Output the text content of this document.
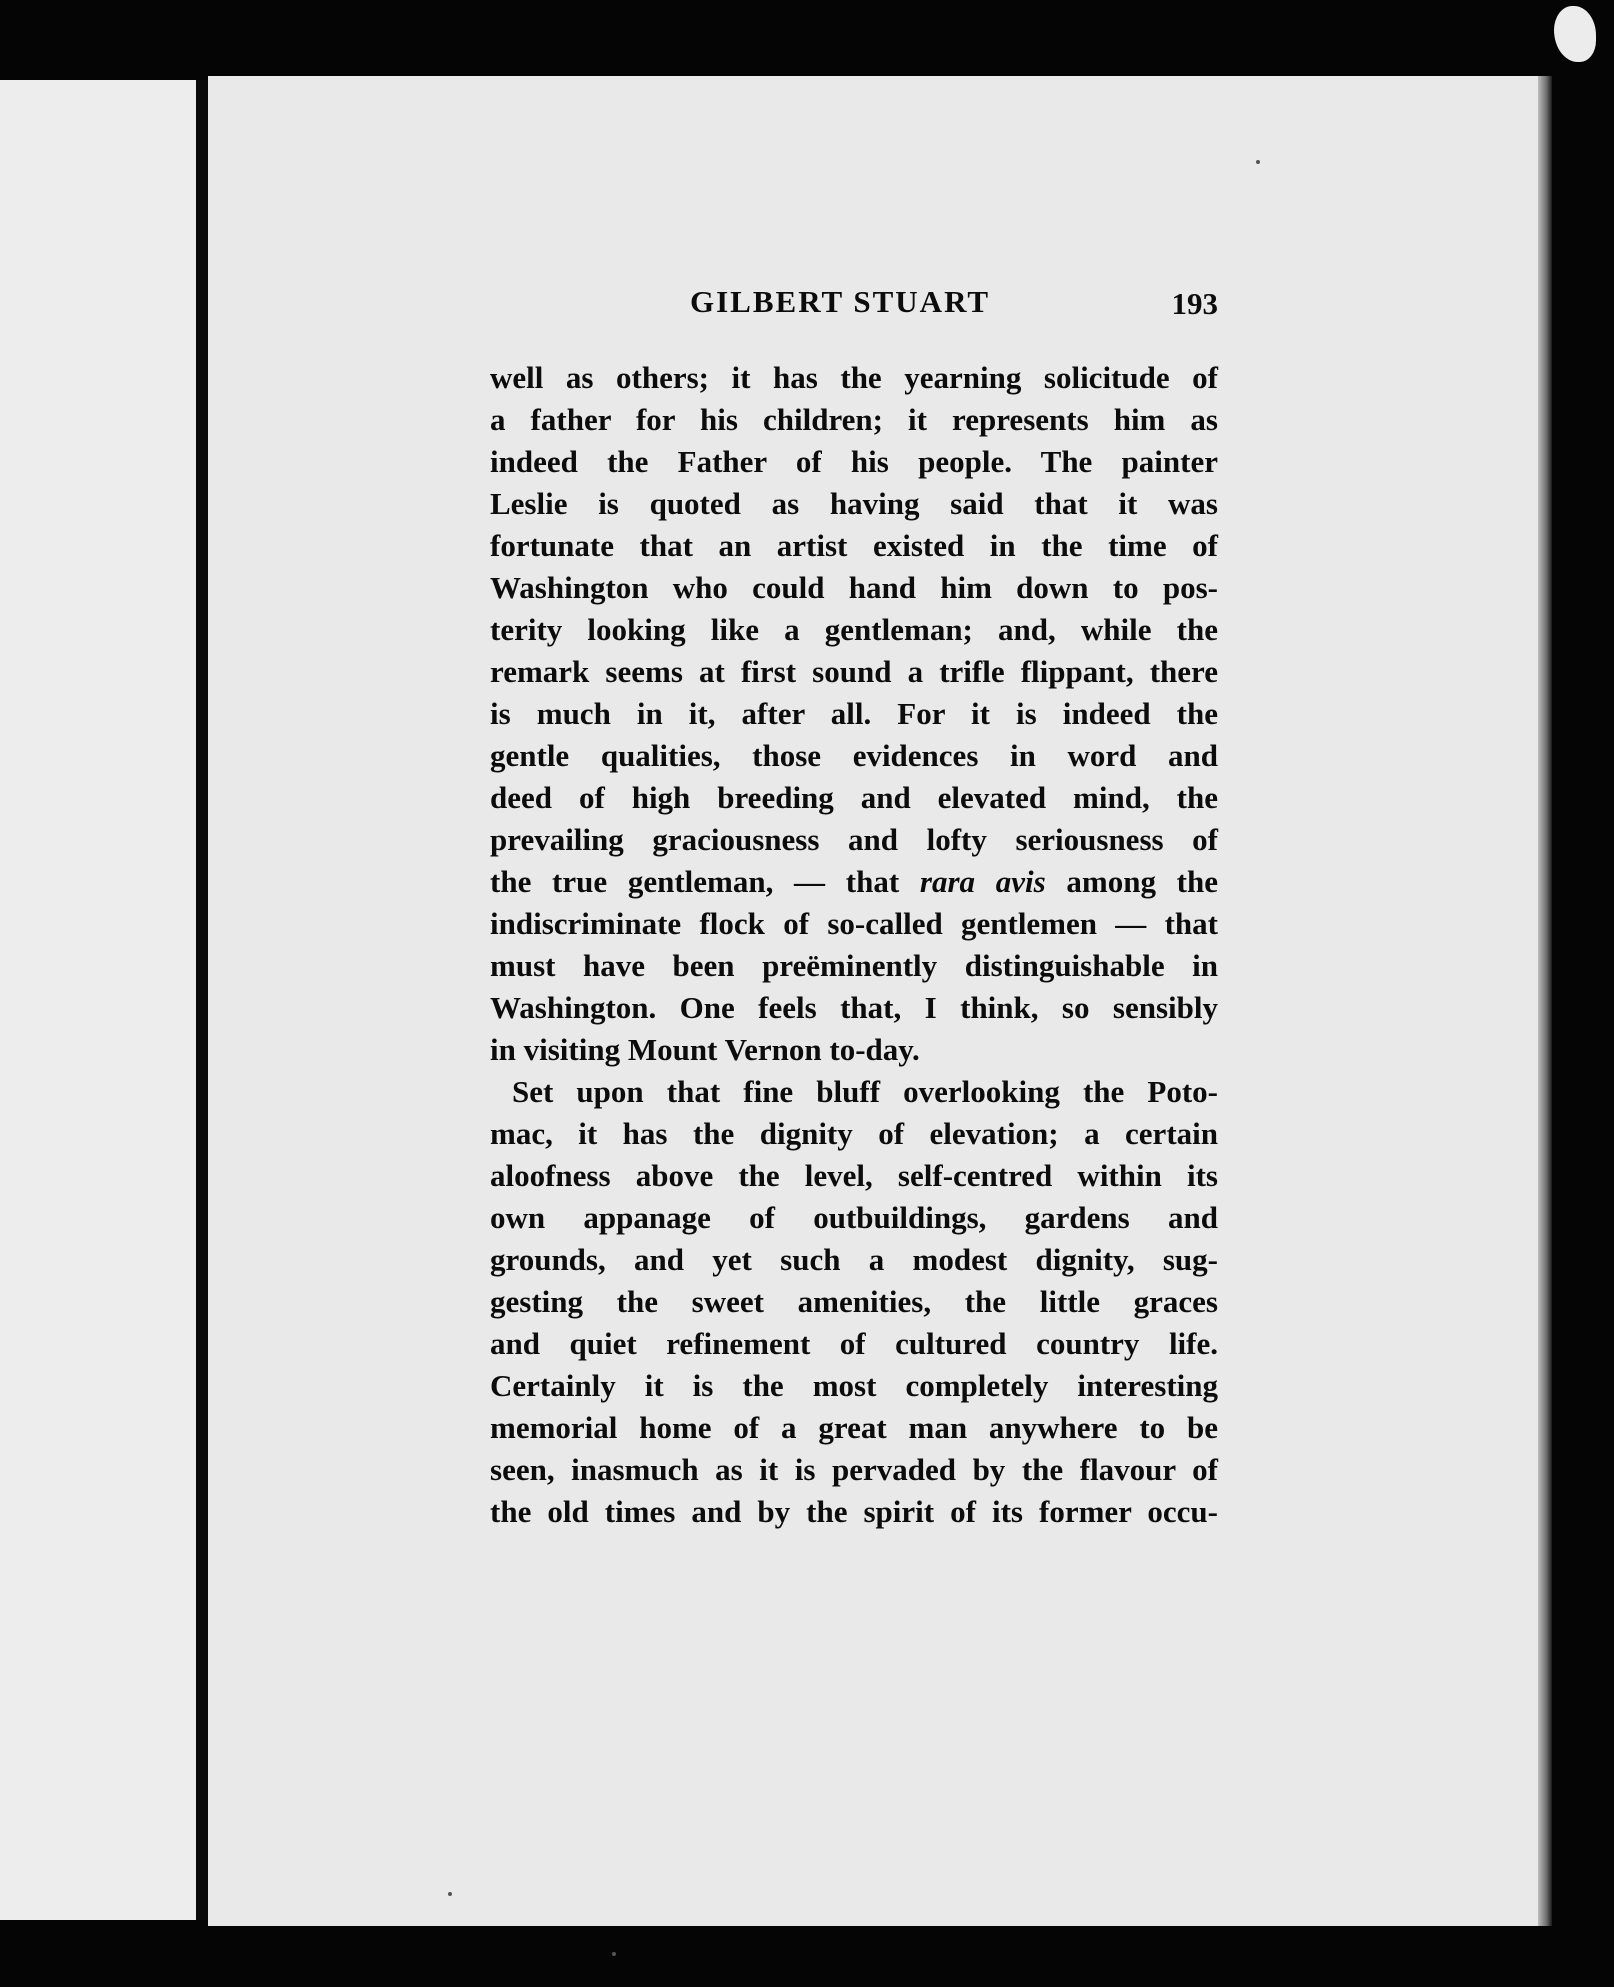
GILBERT STUART	193
well as others; it has the yearning solicitude of
a father for his children; it represents him as
indeed the Father of his people. The painter
Leslie is quoted as having said that it was
fortunate that an artist existed in the time of
Washington who could hand him down to pos-
terity looking like a gentleman; and, while the
remark seems at first sound a trifle flippant, there
is much in it, after all. For it is indeed the
gentle qualities, those evidences in word and
deed of high breeding and elevated mind, the
prevailing graciousness and lofty seriousness of
the true gentleman, — that rara avis among the
indiscriminate flock of so-called gentlemen — that
must have been preëminently distinguishable in
Washington. One feels that, I think, so sensibly
in visiting Mount Vernon to-day.
Set upon that fine bluff overlooking the Poto-
mac, it has the dignity of elevation; a certain
aloofness above the level, self-centred within its
own appanage of outbuildings, gardens and
grounds, and yet such a modest dignity, sug-
gesting the sweet amenities, the little graces
and quiet refinement of cultured country life.
Certainly it is the most completely interesting
memorial home of a great man anywhere to be
seen, inasmuch as it is pervaded by the flavour of
the old times and by the spirit of its former occu-
